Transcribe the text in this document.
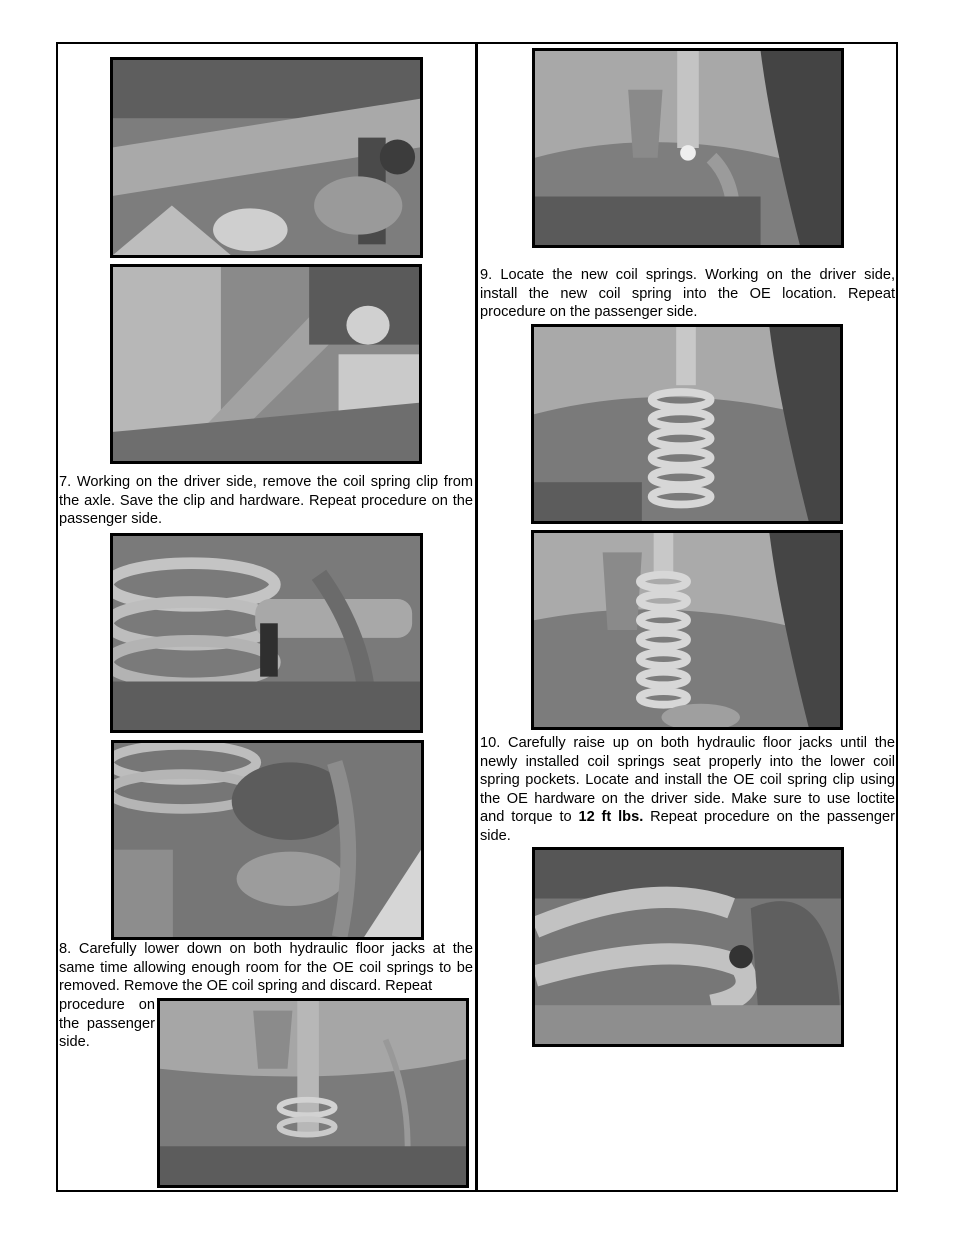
7. Working on the driver side, remove the coil spring clip from the axle. Save the clip and hardware. Repeat procedure on the passenger side.

8. Carefully lower down on both hydraulic floor jacks at the same time allowing enough room for the OE coil springs to be removed. Remove the OE coil spring and discard. Repeat

procedure on the passenger side.

9. Locate the new coil springs. Working on the driver side, install the new coil spring into the OE location. Repeat procedure on the passenger side.

10. Carefully raise up on both hydraulic floor jacks until the newly installed coil springs seat properly into the lower coil spring pockets. Locate and install the OE coil spring clip using the OE hardware on the driver side. Make sure to use loctite and torque to 12 ft lbs. Repeat procedure on the passenger side.
